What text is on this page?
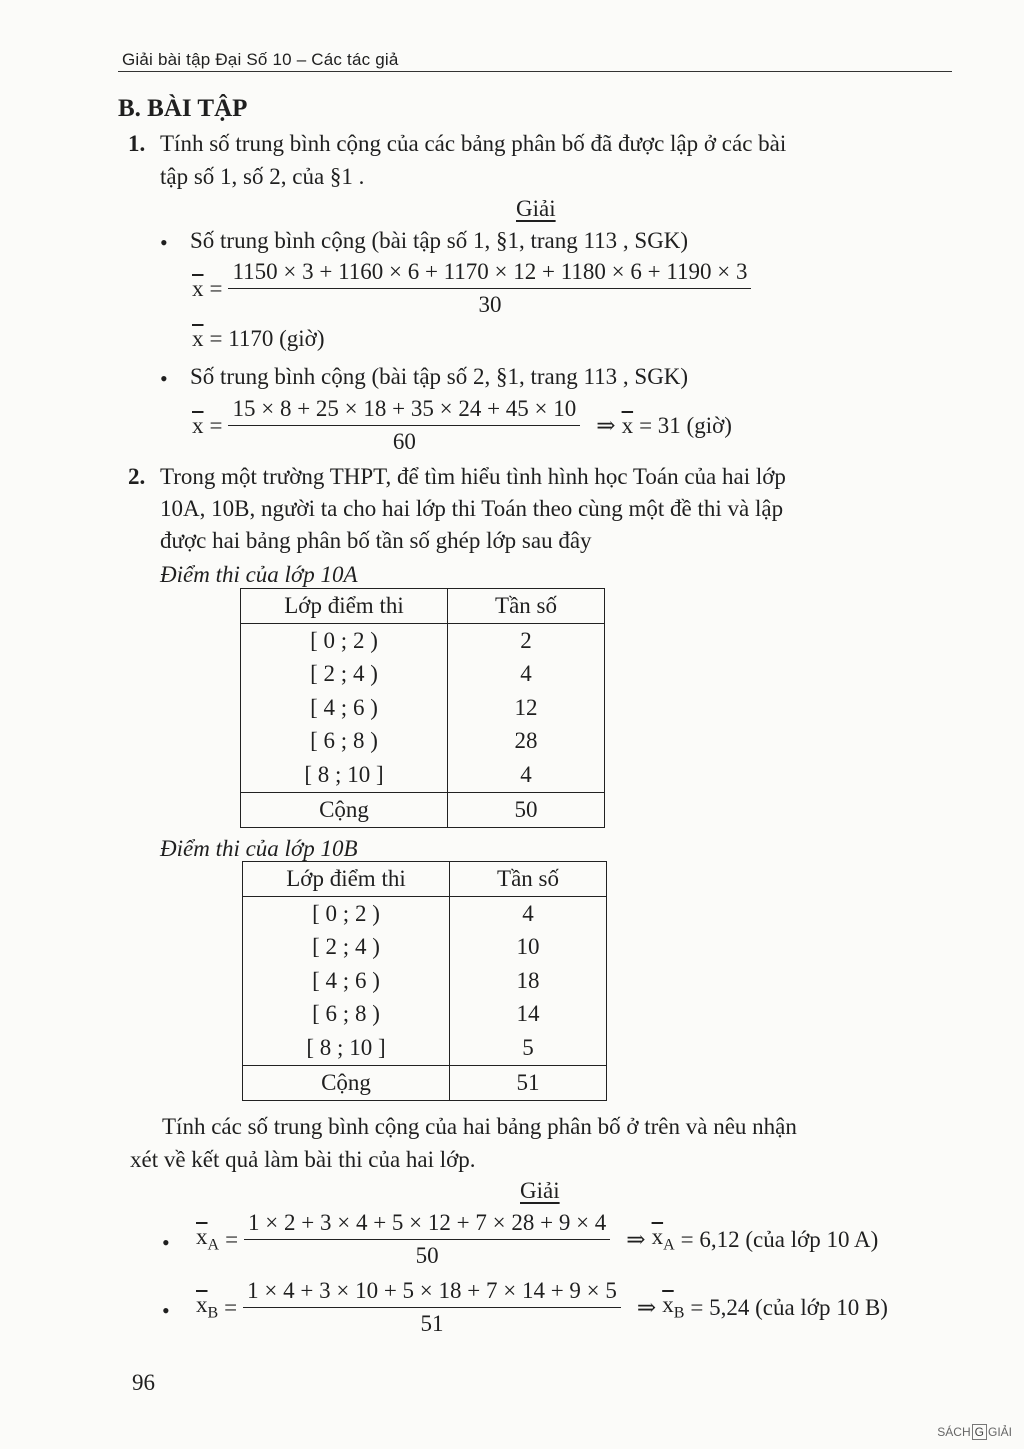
Giải bài tập Đại Số 10 – Các tác giả
B. BÀI TẬP
1. Tính số trung bình cộng của các bảng phân bố đã được lập ở các bài
tập số 1, số 2, của §1 .
Giải
• Số trung bình cộng (bài tập số 1, §1, trang 113 , SGK)
$\overline{x} = \frac{1150 \times 3 + 1160 \times 6 + 1170 \times 12 + 1180 \times 6 + 1190 \times 3}{30}$
$\overline{x} = 1170$ (giờ)
• Số trung bình cộng (bài tập số 2, §1, trang 113 , SGK)
$\overline{x} = \frac{15 \times 8 + 25 \times 18 + 35 \times 24 + 45 \times 10}{60}$ ⇒ $\overline{x} = 31$ (giờ)
2. Trong một trường THPT, để tìm hiểu tình hình học Toán của hai lớp
10A, 10B, người ta cho hai lớp thi Toán theo cùng một đề thi và lập
được hai bảng phân bố tần số ghép lớp sau đây
Điểm thi của lớp 10A
Lớp điểm thi	Tần số
[ 0 ; 2 )	2
[ 2 ; 4 )	4
[ 4 ; 6 )	12
[ 6 ; 8 )	28
[ 8 ; 10 ]	4
Cộng	50
Điểm thi của lớp 10B
Lớp điểm thi	Tần số
[ 0 ; 2 )	4
[ 2 ; 4 )	10
[ 4 ; 6 )	18
[ 6 ; 8 )	14
[ 8 ; 10 ]	5
Cộng	51
Tính các số trung bình cộng của hai bảng phân bố ở trên và nêu nhận
xét về kết quả làm bài thi của hai lớp.
Giải
• $\overline{x}_A = \frac{1 \times 2 + 3 \times 4 + 5 \times 12 + 7 \times 28 + 9 \times 4}{50}$ ⇒ $\overline{x}_A = 6,12$ (của lớp 10 A)
• $\overline{x}_B = \frac{1 \times 4 + 3 \times 10 + 5 \times 18 + 7 \times 14 + 9 \times 5}{51}$ ⇒ $\overline{x}_B = 5,24$ (của lớp 10 B)
96
SÁCH G GIẢI
